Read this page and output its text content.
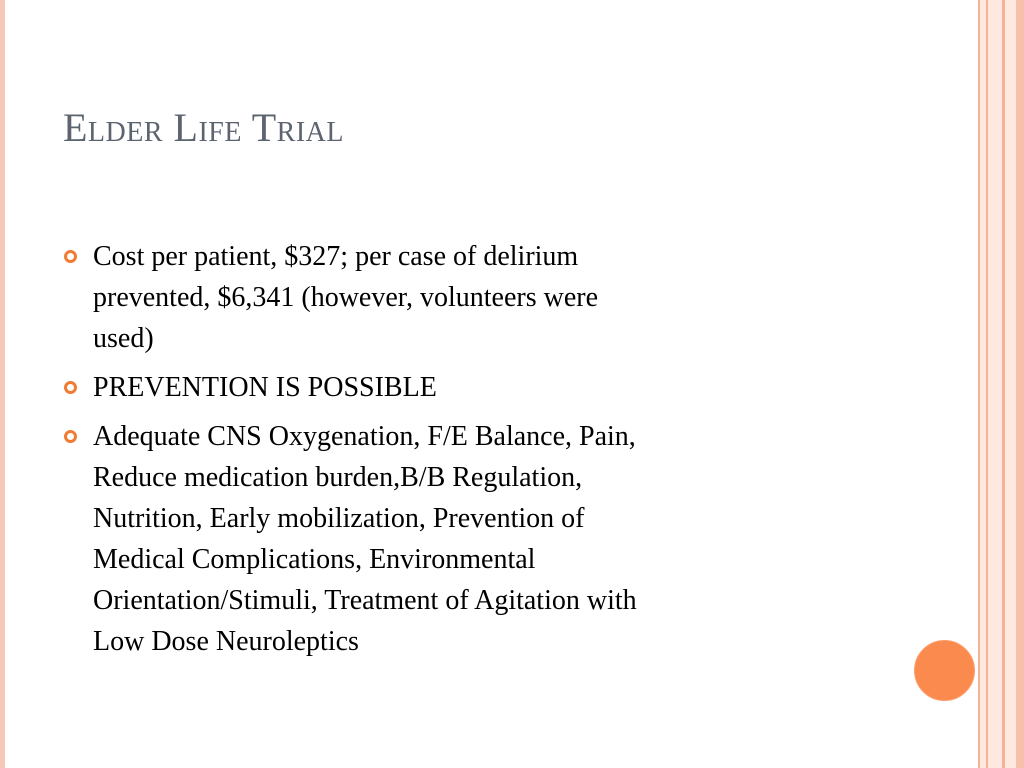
Elder Life Trial
Cost per patient, $327; per case of delirium
prevented, $6,341 (however, volunteers were
used)
PREVENTION IS POSSIBLE
Adequate CNS Oxygenation, F/E Balance, Pain,
Reduce medication burden,B/B Regulation,
Nutrition, Early mobilization, Prevention of
Medical Complications, Environmental
Orientation/Stimuli, Treatment of Agitation with
Low Dose Neuroleptics
